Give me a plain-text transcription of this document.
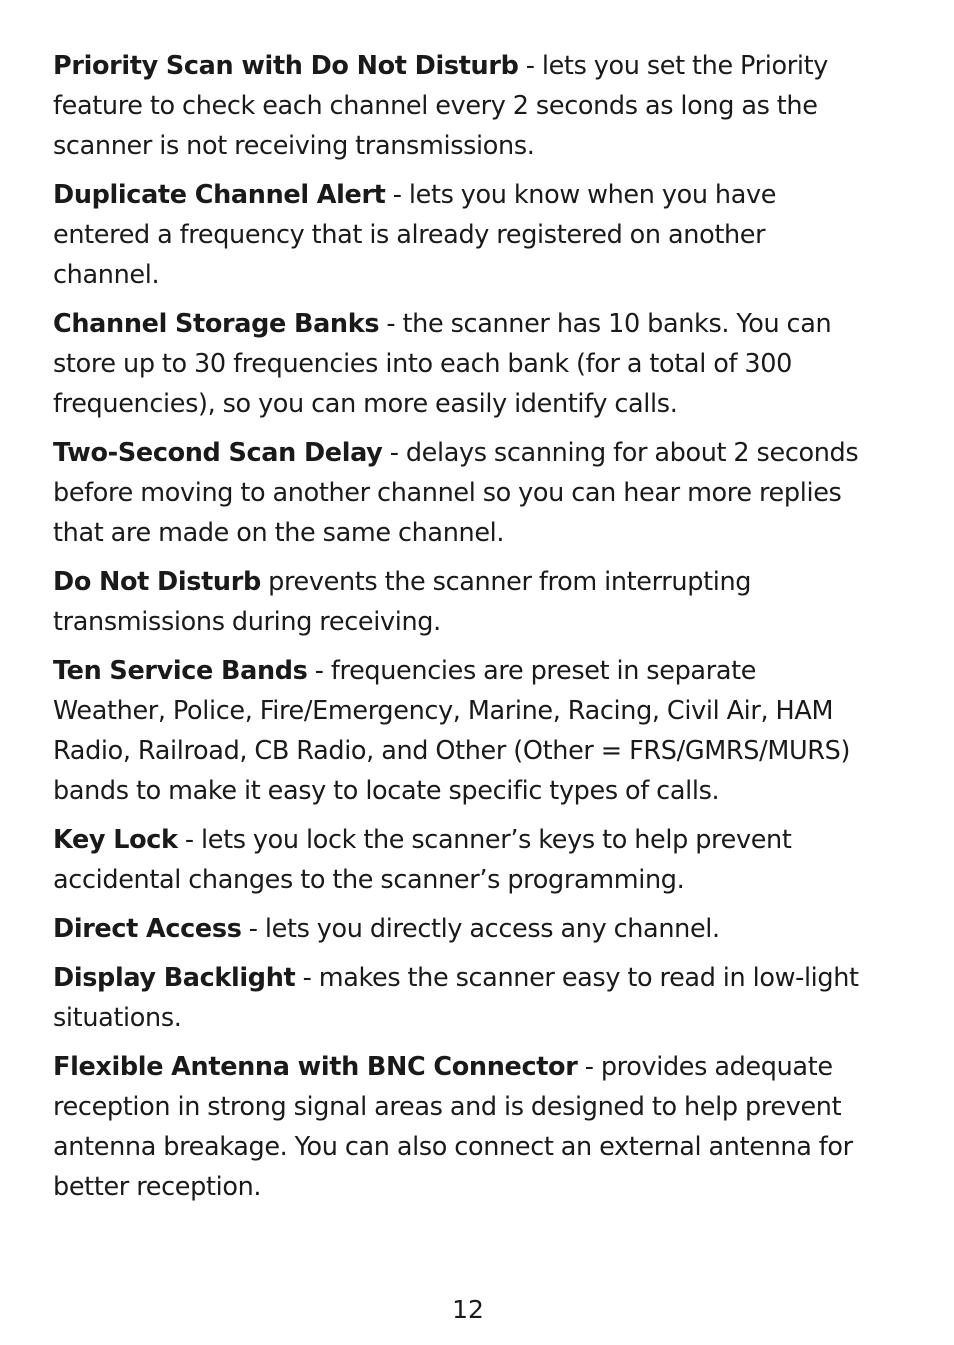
Priority Scan with Do Not Disturb - lets you set the Priority feature to check each channel every 2 seconds as long as the scanner is not receiving transmissions.

Duplicate Channel Alert - lets you know when you have entered a frequency that is already registered on another channel.

Channel Storage Banks - the scanner has 10 banks. You can store up to 30 frequencies into each bank (for a total of 300 frequencies), so you can more easily identify calls.

Two-Second Scan Delay - delays scanning for about 2 seconds before moving to another channel so you can hear more replies that are made on the same channel.

Do Not Disturb prevents the scanner from interrupting transmissions during receiving.

Ten Service Bands - frequencies are preset in separate Weather, Police, Fire/Emergency, Marine, Racing, Civil Air, HAM Radio, Railroad, CB Radio, and Other (Other = FRS/GMRS/MURS) bands to make it easy to locate specific types of calls.

Key Lock - lets you lock the scanner’s keys to help prevent accidental changes to the scanner’s programming.

Direct Access - lets you directly access any channel.

Display Backlight - makes the scanner easy to read in low-light situations.

Flexible Antenna with BNC Connector - provides adequate reception in strong signal areas and is designed to help prevent antenna breakage. You can also connect an external antenna for better reception.

12
